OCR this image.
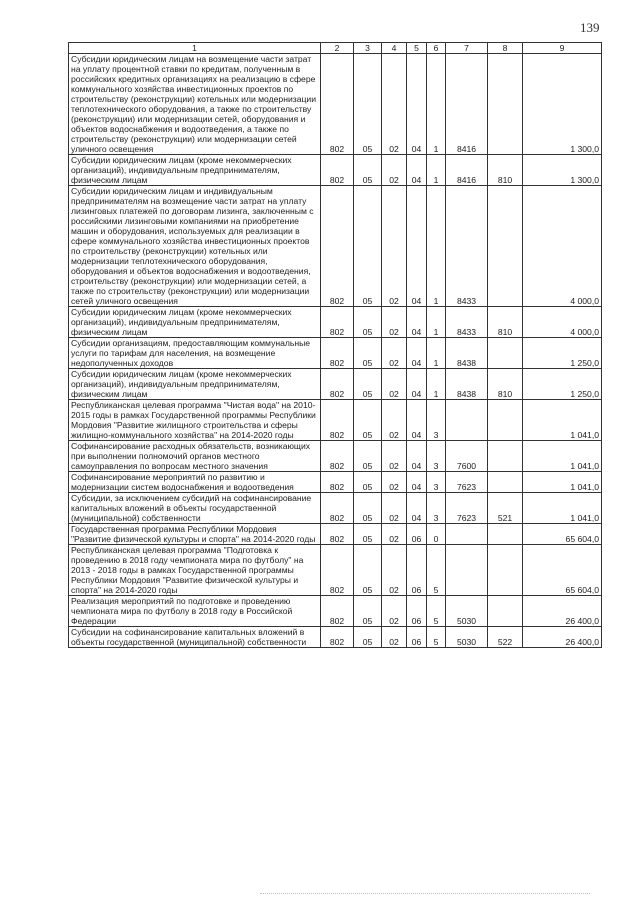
139
1	2	3	4	5	6	7	8	9
Субсидии юридическим лицам на возмещение части затрат на уплату процентной ставки по кредитам, полученным в российских кредитных организациях на реализацию в сфере коммунального хозяйства инвестиционных проектов по строительству (реконструкции) котельных или модернизации теплотехнического оборудования, а также по строительству (реконструкции) или модернизации сетей, оборудования и объектов водоснабжения и водоотведения, а также по строительству (реконструкции) или модернизации сетей уличного освещения	802	05	02	04	1	8416		1 300,0
Субсидии юридическим лицам (кроме некоммерческих организаций), индивидуальным предпринимателям, физическим лицам	802	05	02	04	1	8416	810	1 300,0
Субсидии юридическим лицам и индивидуальным предпринимателям на возмещение части затрат на уплату лизинговых платежей по договорам лизинга, заключенным с российскими лизинговыми компаниями на приобретение машин и оборудования, используемых для реализации в сфере коммунального хозяйства инвестиционных проектов по строительству (реконструкции) котельных или модернизации теплотехнического оборудования, оборудования и объектов водоснабжения и водоотведения, строительству (реконструкции) или модернизации сетей, а также по строительству (реконструкции) или модернизации сетей уличного освещения	802	05	02	04	1	8433		4 000,0
Субсидии юридическим лицам (кроме некоммерческих организаций), индивидуальным предпринимателям, физическим лицам	802	05	02	04	1	8433	810	4 000,0
Субсидии организациям, предоставляющим коммунальные услуги по тарифам для населения, на возмещение недополученных доходов	802	05	02	04	1	8438		1 250,0
Субсидии юридическим лицам (кроме некоммерческих организаций), индивидуальным предпринимателям, физическим лицам	802	05	02	04	1	8438	810	1 250,0
Республиканская целевая программа "Чистая вода" на 2010-2015 годы в рамках Государственной программы Республики Мордовия "Развитие жилищного строительства и сферы жилищно-коммунального хозяйства" на 2014-2020 годы	802	05	02	04	3			1 041,0
Софинансирование расходных обязательств, возникающих при выполнении полномочий органов местного самоуправления по вопросам местного значения	802	05	02	04	3	7600		1 041,0
Софинансирование мероприятий по развитию и модернизации систем водоснабжения и водоотведения	802	05	02	04	3	7623		1 041,0
Субсидии, за исключением субсидий на софинансирование капитальных вложений в объекты государственной (муниципальной) собственности	802	05	02	04	3	7623	521	1 041,0
Государственная программа Республики Мордовия "Развитие физической культуры и спорта" на 2014-2020 годы	802	05	02	06	0			65 604,0
Республиканская целевая программа "Подготовка к проведению в 2018 году чемпионата мира по футболу" на 2013 - 2018 годы в рамках Государственной программы Республики Мордовия "Развитие физической культуры и спорта" на 2014-2020 годы	802	05	02	06	5			65 604,0
Реализация мероприятий по подготовке и проведению чемпионата мира по футболу в 2018 году в Российской Федерации	802	05	02	06	5	5030		26 400,0
Субсидии на софинансирование капитальных вложений в объекты государственной (муниципальной) собственности	802	05	02	06	5	5030	522	26 400,0
